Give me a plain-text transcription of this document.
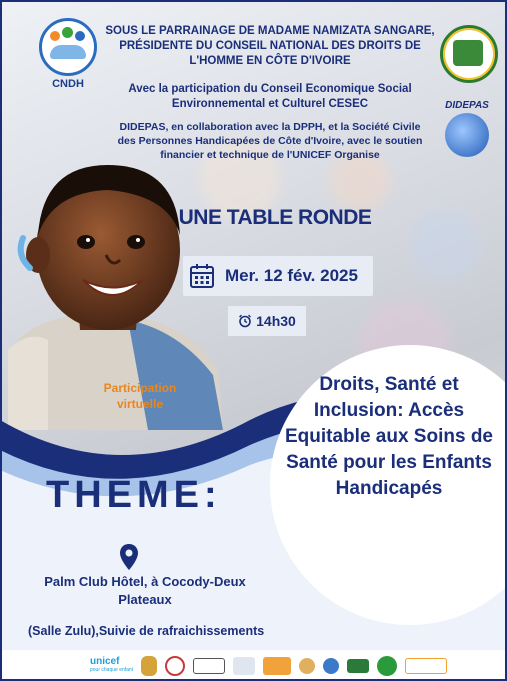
CNDH
DIDEPAS
SOUS LE PARRAINAGE DE MADAME NAMIZATA SANGARE, PRÉSIDENTE DU CONSEIL NATIONAL DES DROITS DE L'HOMME EN CÔTE D'IVOIRE
Avec la participation du Conseil Economique Social Environnemental et Culturel CESEC
DIDEPAS, en collaboration avec la DPPH, et la Société Civile des Personnes Handicapées de Côte d'Ivoire, avec le soutien financier et technique de l'UNICEF Organise
UNE TABLE RONDE
Mer. 12 fév. 2025
14h30
Droits, Santé et Inclusion: Accès Equitable aux Soins de Santé pour les Enfants Handicapés
Participation virtuelle
THÈME:
Palm Club Hôtel, à Cocody-Deux Plateaux
(Salle Zulu),Suivie de rafraichissements
unicef
pour chaque enfant
